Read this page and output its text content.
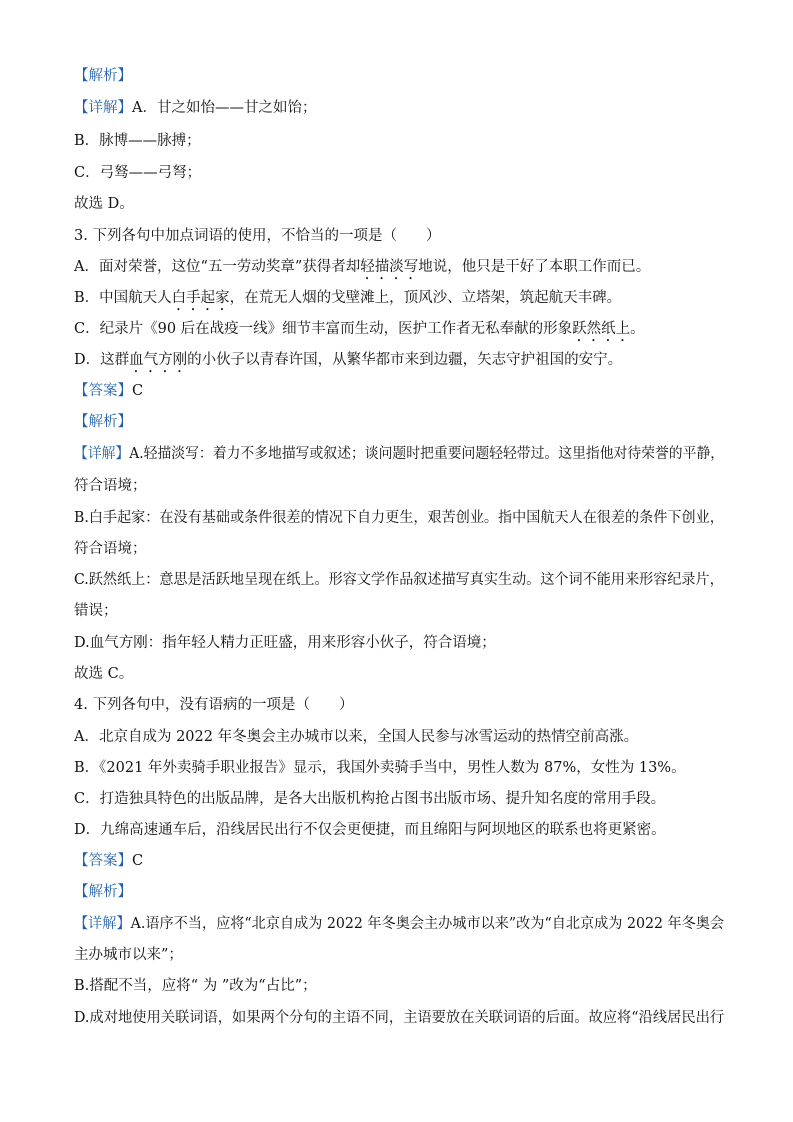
【解析】
【详解】A．甘之如怡——甘之如饴；
B．脉博——脉搏；
C．弓驽——弓弩；
故选 D。
3. 下列各句中加点词语的使用，不恰当的一项是（　　）
A．面对荣誉，这位“五一劳动奖章”获得者却轻描淡写地说，他只是干好了本职工作而已。
B．中国航天人白手起家，在荒无人烟的戈壁滩上，顶风沙、立塔架，筑起航天丰碑。
C．纪录片《90 后在战疫一线》细节丰富而生动，医护工作者无私奉献的形象跃然纸上。
D．这群血气方刚的小伙子以青春许国，从繁华都市来到边疆，矢志守护祖国的安宁。
【答案】C
【解析】
【详解】A.轻描淡写：着力不多地描写或叙述；谈问题时把重要问题轻轻带过。这里指他对待荣誉的平静，
符合语境；
B.白手起家：在没有基础或条件很差的情况下自力更生，艰苦创业。指中国航天人在很差的条件下创业，
符合语境；
C.跃然纸上：意思是活跃地呈现在纸上。形容文学作品叙述描写真实生动。这个词不能用来形容纪录片，
错误；
D.血气方刚：指年轻人精力正旺盛，用来形容小伙子，符合语境；
故选 C。
4. 下列各句中，没有语病的一项是（　　）
A．北京自成为 2022 年冬奥会主办城市以来，全国人民参与冰雪运动的热情空前高涨。
B．《2021 年外卖骑手职业报告》显示，我国外卖骑手当中，男性人数为 87%，女性为 13%。
C．打造独具特色的出版品牌，是各大出版机构抢占图书出版市场、提升知名度的常用手段。
D．九绵高速通车后，沿线居民出行不仅会更便捷，而且绵阳与阿坝地区的联系也将更紧密。
【答案】C
【解析】
【详解】A.语序不当，应将“北京自成为 2022 年冬奥会主办城市以来”改为“自北京成为 2022 年冬奥会
主办城市以来”；
B.搭配不当，应将“ 为 ”改为“占比”；
D.成对地使用关联词语，如果两个分句的主语不同，主语要放在关联词语的后面。故应将“沿线居民出行
